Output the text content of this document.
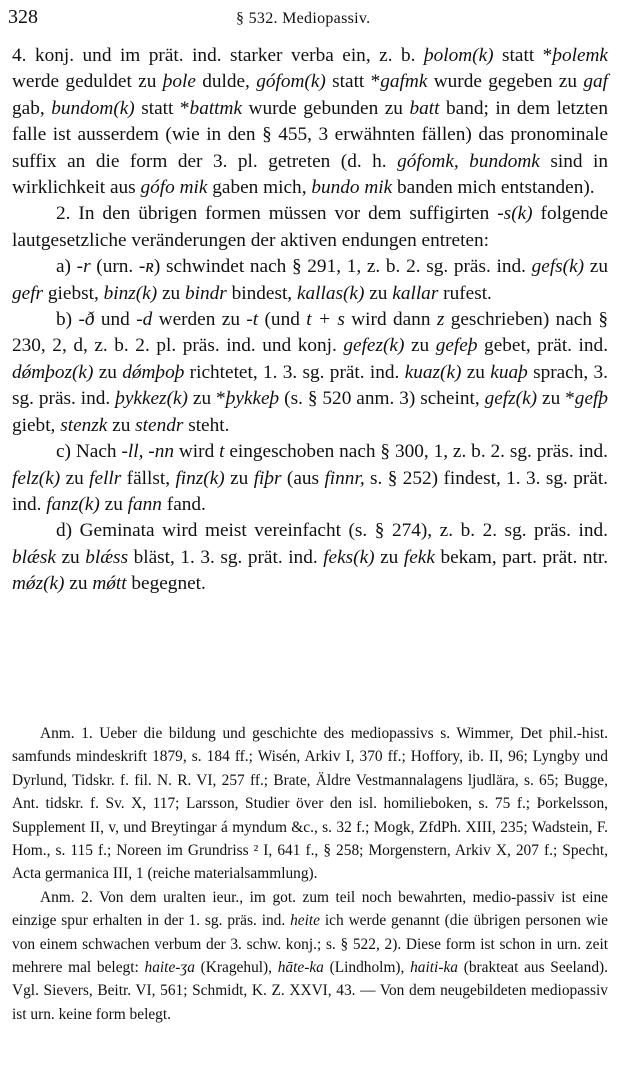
328	§ 532. Mediopassiv.

4. konj. und im prät. ind. starker verba ein, z. b. þolom(k) statt *þolemk werde geduldet zu þole dulde, gófom(k) statt *gafmk wurde gegeben zu gaf gab, bundom(k) statt *battmk wurde gebunden zu batt band; in dem letzten falle ist ausserdem (wie in den § 455, 3 erwähnten fällen) das pronominale suffix an die form der 3. pl. getreten (d. h. gófomk, bundomk sind in wirklichkeit aus gófo mik gaben mich, bundo mik banden mich entstanden).

2. In den übrigen formen müssen vor dem suffigirten -s(k) folgende lautgesetzliche veränderungen der aktiven endungen entreten:

a) -r (urn. -ʀ) schwindet nach § 291, 1, z. b. 2. sg. präs. ind. gefs(k) zu gefr giebst, binz(k) zu bindr bindest, kallas(k) zu kallar rufest.

b) -ð und -d werden zu -t (und t + s wird dann z geschrieben) nach § 230, 2, d, z. b. 2. pl. präs. ind. und konj. gefez(k) zu gefeþ gebet, prät. ind. dǿmþoz(k) zu dǿmþoþ richtetet, 1. 3. sg. prät. ind. kuaz(k) zu kuaþ sprach, 3. sg. präs. ind. þykkez(k) zu *þykkeþ (s. § 520 anm. 3) scheint, gefz(k) zu *gefþ giebt, stenzk zu stendr steht.

c) Nach -ll, -nn wird t eingeschoben nach § 300, 1, z. b. 2. sg. präs. ind. felz(k) zu fellr fällst, finz(k) zu fiþr (aus finnr, s. § 252) findest, 1. 3. sg. prät. ind. fanz(k) zu fann fand.

d) Geminata wird meist vereinfacht (s. § 274), z. b. 2. sg. präs. ind. blǽsk zu blǽss bläst, 1. 3. sg. prät. ind. feks(k) zu fekk bekam, part. prät. ntr. mǿz(k) zu mǿtt begegnet.

Anm. 1. Ueber die bildung und geschichte des mediopassivs s. Wimmer, Det phil.-hist. samfunds mindeskrift 1879, s. 184 ff.; Wisén, Arkiv I, 370 ff.; Hoffory, ib. II, 96; Lyngby und Dyrlund, Tidskr. f. fil. N. R. VI, 257 ff.; Brate, Äldre Vestmannalagens ljudlära, s. 65; Bugge, Ant. tidskr. f. Sv. X, 117; Larsson, Studier över den isl. homilieboken, s. 75 f.; Þorkelsson, Supplement II, v, und Breytingar á myndum &c., s. 32 f.; Mogk, ZfdPh. XIII, 235; Wadstein, F. Hom., s. 115 f.; Noreen im Grundriss ² I, 641 f., § 258; Morgenstern, Arkiv X, 207 f.; Specht, Acta germanica III, 1 (reiche materialsammlung).

Anm. 2. Von dem uralten ieur., im got. zum teil noch bewahrten, medio-passiv ist eine einzige spur erhalten in der 1. sg. präs. ind. heite ich werde genannt (die übrigen personen wie von einem schwachen verbum der 3. schw. konj.; s. § 522, 2). Diese form ist schon in urn. zeit mehrere mal belegt: haite-ʒa (Kragehul), hāte-ka (Lindholm), haiti-ka (brakteat aus Seeland). Vgl. Sievers, Beitr. VI, 561; Schmidt, K. Z. XXVI, 43. — Von dem neugebildeten mediopassiv ist urn. keine form belegt.
